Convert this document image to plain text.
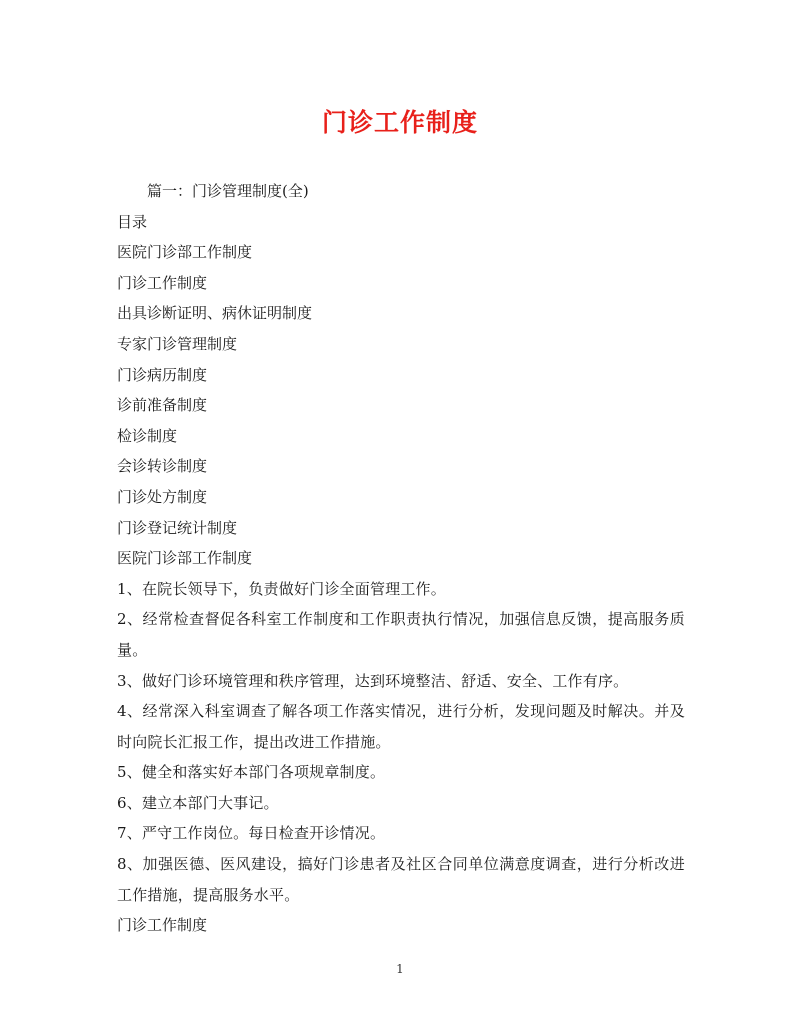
门诊工作制度
篇一：门诊管理制度(全)
目录
医院门诊部工作制度
门诊工作制度
出具诊断证明、病休证明制度
专家门诊管理制度
门诊病历制度
诊前准备制度
检诊制度
会诊转诊制度
门诊处方制度
门诊登记统计制度
医院门诊部工作制度
1、在院长领导下，负责做好门诊全面管理工作。
2、经常检查督促各科室工作制度和工作职责执行情况，加强信息反馈，提高服务质量。
3、做好门诊环境管理和秩序管理，达到环境整洁、舒适、安全、工作有序。
4、经常深入科室调查了解各项工作落实情况，进行分析，发现问题及时解决。并及时向院长汇报工作，提出改进工作措施。
5、健全和落实好本部门各项规章制度。
6、建立本部门大事记。
7、严守工作岗位。每日检查开诊情况。
8、加强医德、医风建设，搞好门诊患者及社区合同单位满意度调查，进行分析改进工作措施，提高服务水平。
门诊工作制度
1
